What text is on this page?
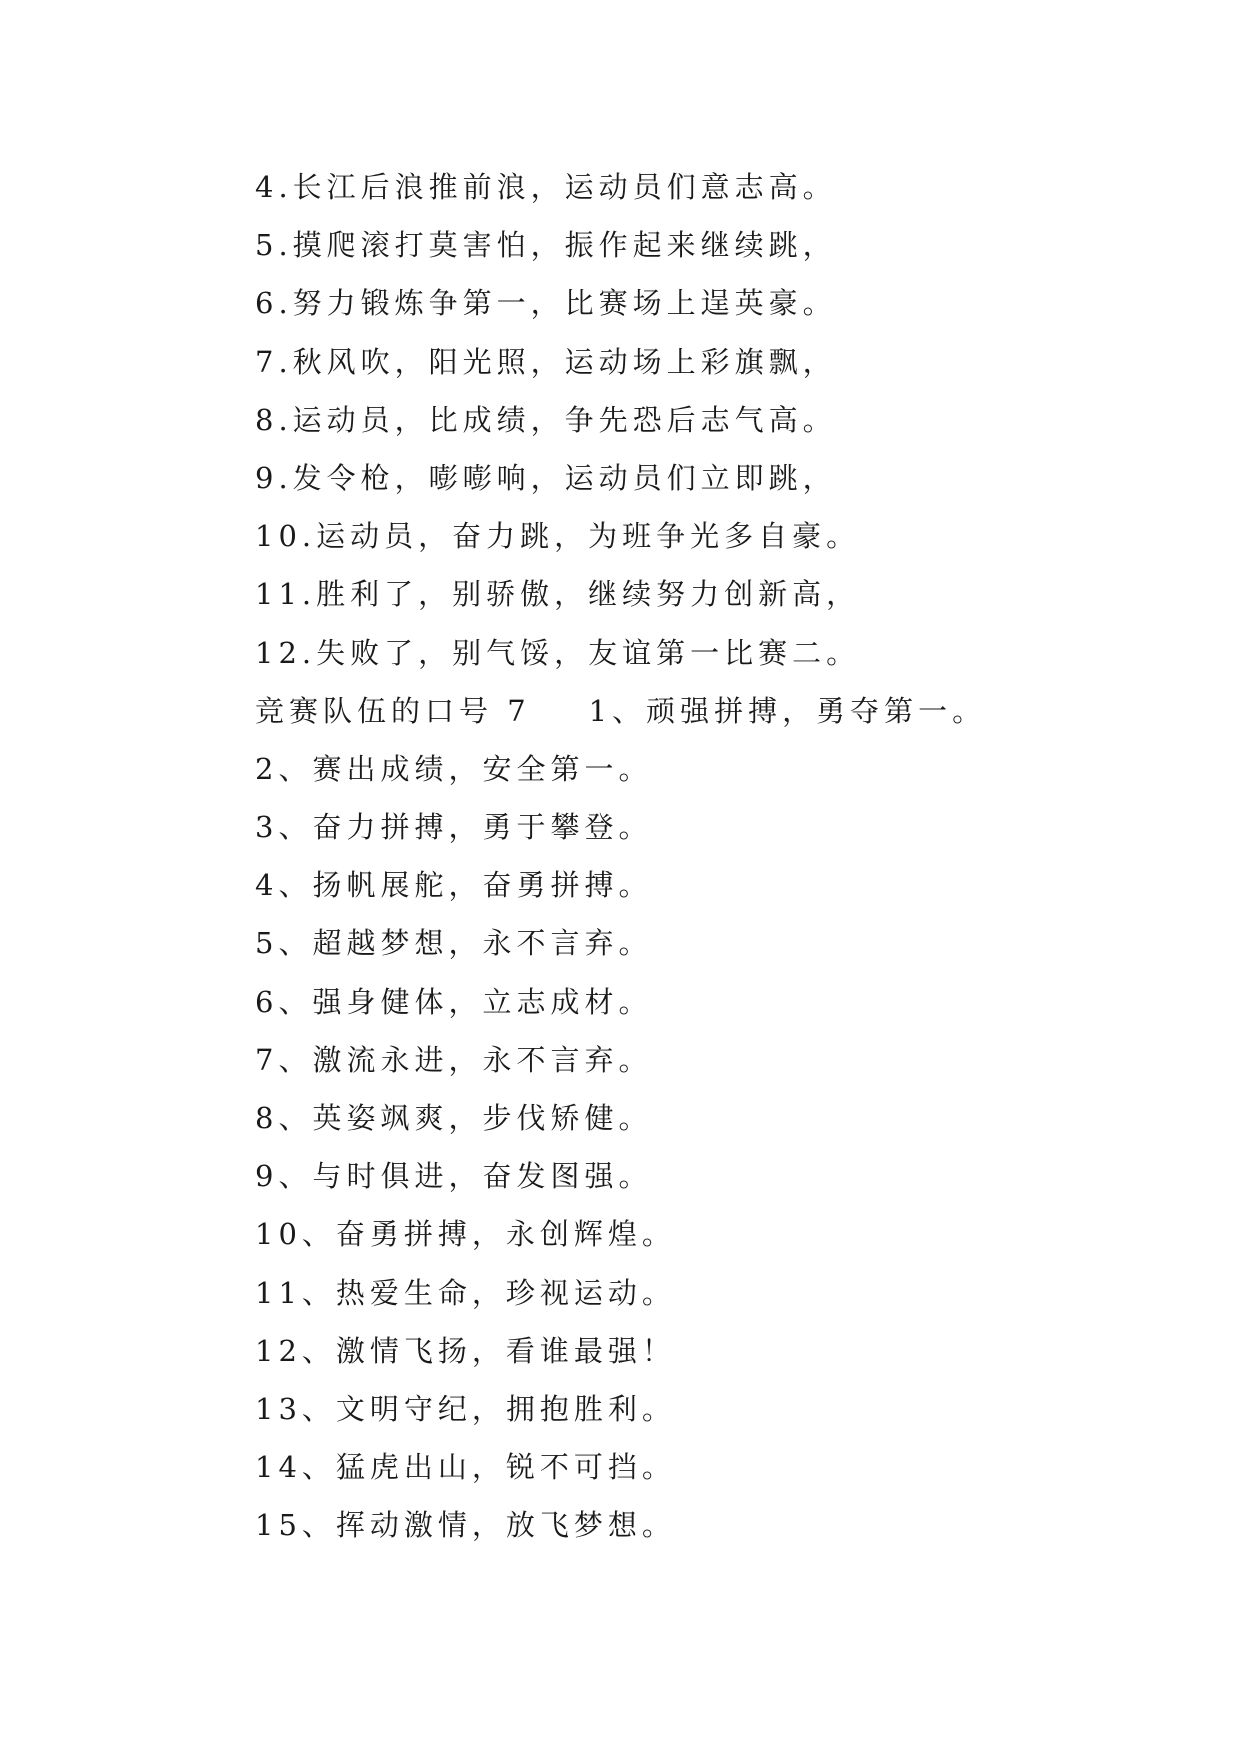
4.长江后浪推前浪，运动员们意志高。
5.摸爬滚打莫害怕，振作起来继续跳，
6.努力锻炼争第一，比赛场上逞英豪。
7.秋风吹，阳光照，运动场上彩旗飘，
8.运动员，比成绩，争先恐后志气高。
9.发令枪，嘭嘭响，运动员们立即跳，
10.运动员，奋力跳，为班争光多自豪。
11.胜利了，别骄傲，继续努力创新高，
12.失败了，别气馁，友谊第一比赛二。
竞赛队伍的口号 7 1、顽强拼搏，勇夺第一。
2、赛出成绩，安全第一。
3、奋力拼搏，勇于攀登。
4、扬帆展舵，奋勇拼搏。
5、超越梦想，永不言弃。
6、强身健体，立志成材。
7、激流永进，永不言弃。
8、英姿飒爽，步伐矫健。
9、与时俱进，奋发图强。
10、奋勇拼搏，永创辉煌。
11、热爱生命，珍视运动。
12、激情飞扬，看谁最强！
13、文明守纪，拥抱胜利。
14、猛虎出山，锐不可挡。
15、挥动激情，放飞梦想。
